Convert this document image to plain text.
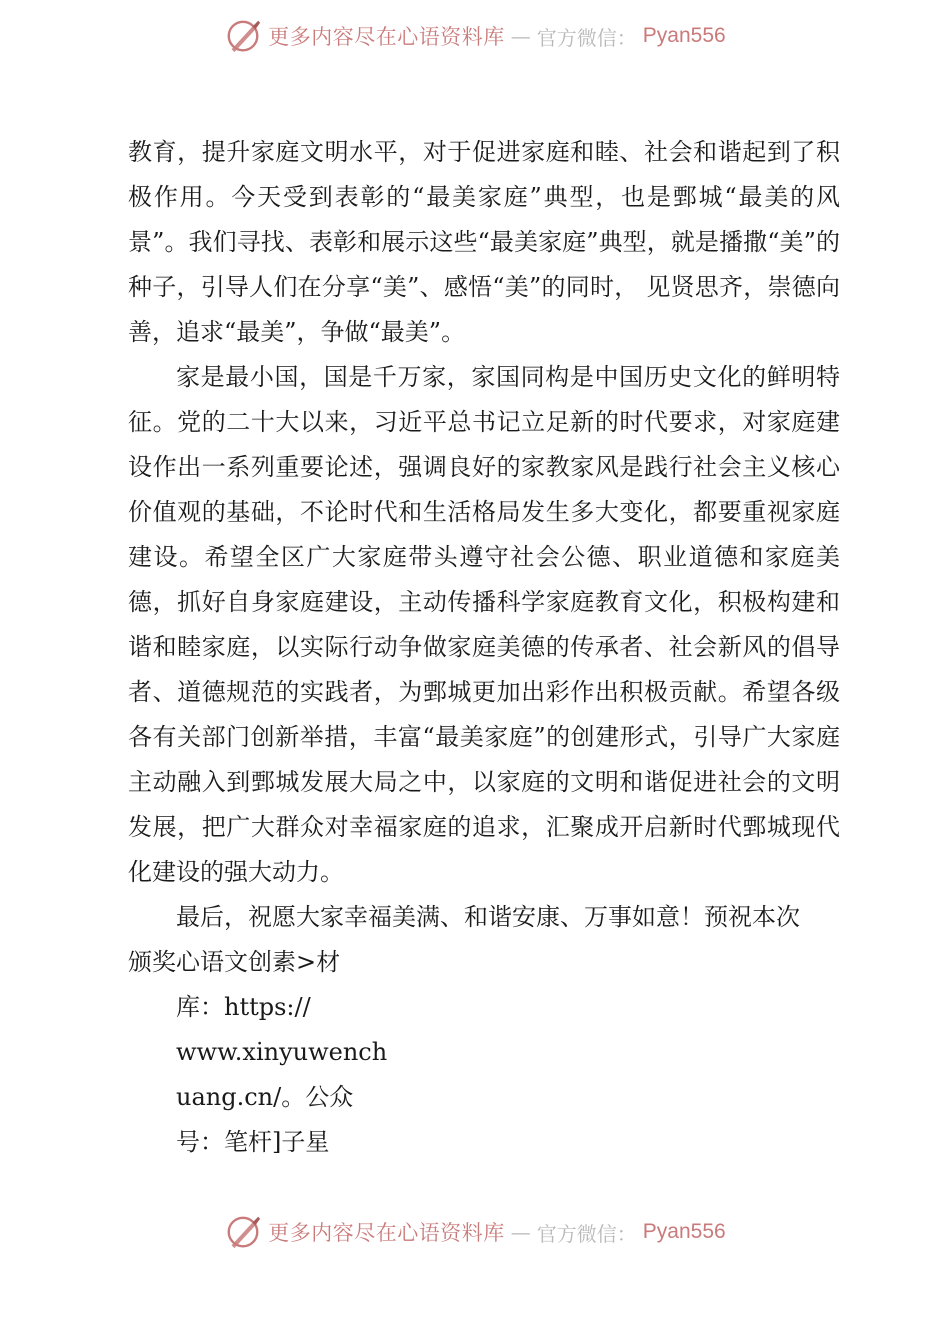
更多内容尽在心语资料库 — 官方微信： Pyan556

教育，提升家庭文明水平，对于促进家庭和睦、社会和谐起到了积极作用。今天受到表彰的“最美家庭”典型，也是鄄城“最美的风景”。我们寻找、表彰和展示这些“最美家庭”典型，就是播撒“美”的种子，引导人们在分享“美”、感悟“美”的同时， 见贤思齐，崇德向善，追求“最美”，争做“最美”。

家是最小国，国是千万家，家国同构是中国历史文化的鲜明特征。党的二十大以来，习近平总书记立足新的时代要求，对家庭建设作出一系列重要论述，强调良好的家教家风是践行社会主义核心价值观的基础，不论时代和生活格局发生多大变化，都要重视家庭建设。希望全区广大家庭带头遵守社会公德、职业道德和家庭美德，抓好自身家庭建设，主动传播科学家庭教育文化，积极构建和谐和睦家庭，以实际行动争做家庭美德的传承者、社会新风的倡导者、道德规范的实践者，为鄄城更加出彩作出积极贡献。希望各级各有关部门创新举措，丰富“最美家庭”的创建形式，引导广大家庭主动融入到鄄城发展大局之中，以家庭的文明和谐促进社会的文明发展，把广大群众对幸福家庭的追求，汇聚成开启新时代鄄城现代化建设的强大动力。

最后，祝愿大家幸福美满、和谐安康、万事如意！预祝本次

颁奖心语文创素>材

库：https://

www.xinyuwench

uang.cn/。公众

号：笔杆]子星

更多内容尽在心语资料库 — 官方微信： Pyan556
